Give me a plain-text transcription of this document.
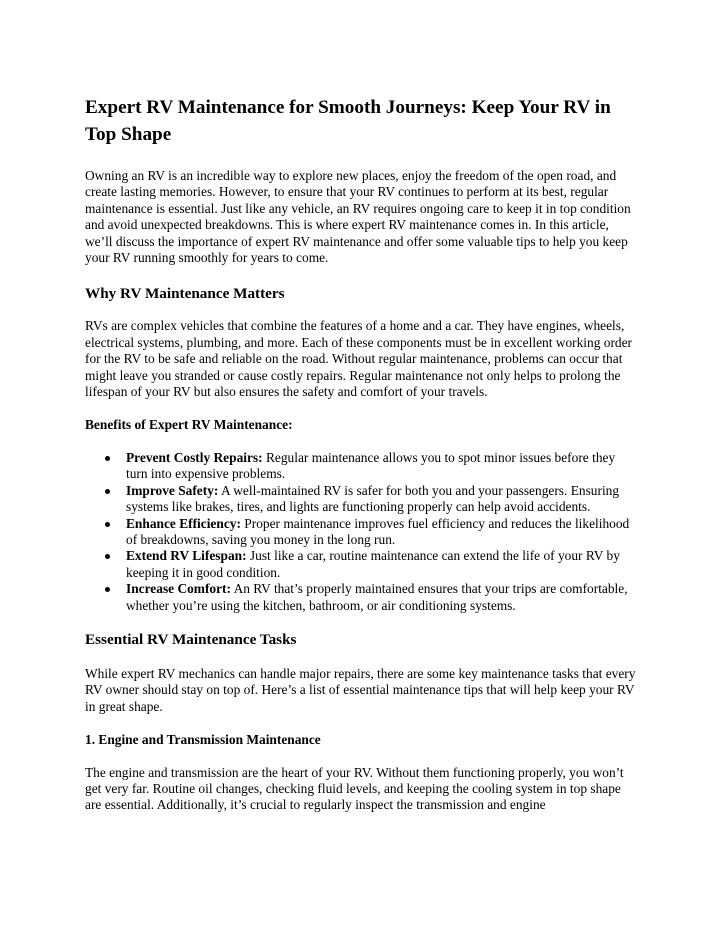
Expert RV Maintenance for Smooth Journeys: Keep Your RV in Top Shape

Owning an RV is an incredible way to explore new places, enjoy the freedom of the open road, and create lasting memories. However, to ensure that your RV continues to perform at its best, regular maintenance is essential. Just like any vehicle, an RV requires ongoing care to keep it in top condition and avoid unexpected breakdowns. This is where expert RV maintenance comes in. In this article, we’ll discuss the importance of expert RV maintenance and offer some valuable tips to help you keep your RV running smoothly for years to come.

Why RV Maintenance Matters

RVs are complex vehicles that combine the features of a home and a car. They have engines, wheels, electrical systems, plumbing, and more. Each of these components must be in excellent working order for the RV to be safe and reliable on the road. Without regular maintenance, problems can occur that might leave you stranded or cause costly repairs. Regular maintenance not only helps to prolong the lifespan of your RV but also ensures the safety and comfort of your travels.

Benefits of Expert RV Maintenance:
Prevent Costly Repairs: Regular maintenance allows you to spot minor issues before they turn into expensive problems.
Improve Safety: A well-maintained RV is safer for both you and your passengers. Ensuring systems like brakes, tires, and lights are functioning properly can help avoid accidents.
Enhance Efficiency: Proper maintenance improves fuel efficiency and reduces the likelihood of breakdowns, saving you money in the long run.
Extend RV Lifespan: Just like a car, routine maintenance can extend the life of your RV by keeping it in good condition.
Increase Comfort: An RV that’s properly maintained ensures that your trips are comfortable, whether you’re using the kitchen, bathroom, or air conditioning systems.
Essential RV Maintenance Tasks

While expert RV mechanics can handle major repairs, there are some key maintenance tasks that every RV owner should stay on top of. Here’s a list of essential maintenance tips that will help keep your RV in great shape.

1. Engine and Transmission Maintenance

The engine and transmission are the heart of your RV. Without them functioning properly, you won’t get very far. Routine oil changes, checking fluid levels, and keeping the cooling system in top shape are essential. Additionally, it’s crucial to regularly inspect the transmission and engine
